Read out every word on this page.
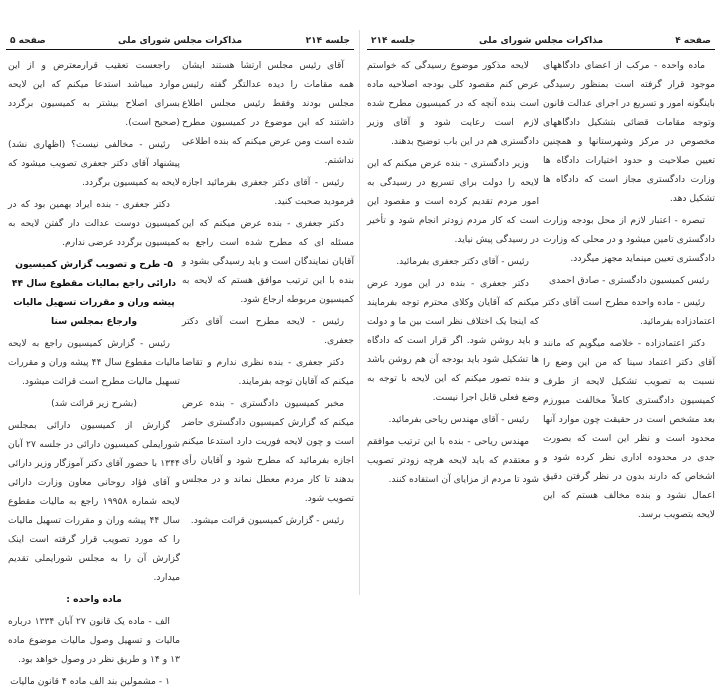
جلسه ۲۱۴
مذاکرات مجلس شورای ملی
صفحه ۵

آقای رئیس مجلس ارتشا هستند ایشان همه مقامات را دیده عدالتگر گفته رئیس مجلس بودند وفقط رئیس مجلس اطلاع داشتند که این موضوع در کمیسیون مطرح شده است ومن عرض میکنم که بنده اطلاعی نداشتم.

رئیس - آقای دکتر جعفری بفرمائید اجازه فرمودید صحبت کنید.

دکتر جعفری - بنده عرض میکنم که این مسئله ای که مطرح شده است راجع به آقایان نمایندگان است و باید رسیدگی بشود و بنده با این ترتیب موافق هستم که لایحه به کمیسیون مربوطه ارجاع شود.

رئیس - لایحه مطرح است آقای دکتر جعفری.

دکتر جعفری - بنده نظری ندارم و تقاضا میکنم که آقایان توجه بفرمایند.

مخبر کمیسیون دادگستری - بنده عرض میکنم که گزارش کمیسیون دادگستری حاضر است و چون لایحه فوریت دارد استدعا میکنم اجازه بفرمائید که مطرح شود و آقایان رأی بدهند تا کار مردم معطل نماند و در مجلس تصویب شود.

رئیس - گزارش کمیسیون قرائت میشود.

راجعست تعقیب قرارمعترض و از این موارد میباشد استدعا میکنم که این لایحه بسرای اصلاح بیشتر به کمیسیون برگردد (صحیح است).

رئیس - مخالفی نیست؟ (اظهاری نشد) پیشنهاد آقای دکتر جعفری تصویب میشود که لایحه به کمیسیون برگردد.

دکتر جعفری - بنده ایراد بهمین بود که در کمیسیون دوست عدالت دار گفتن لایحه به کمیسیون برگردد عرضی ندارم.

۵- طرح و تصویب گزارش کمیسیون دارائی راجع بمالیات مقطوع سال ۴۴ پیشه وران و مقررات تسهیل مالیات وارجاع بمجلس سنا

رئیس - گزارش کمیسیون راجع به لایحه مالیات مقطوع سال ۴۴ پیشه وران و مقررات تسهیل مالیات مطرح است قرائت میشود.

(بشرح زیر قرائت شد)

گزارش از کمیسیون دارائی بمجلس شورایملی کمیسیون دارائی در جلسه ۲۷ آبان ۱۳۴۴ با حضور آقای دکتر آموزگار وزیر دارائی و آقای فؤاد روحانی معاون وزارت دارائی لایحه شماره ۱۹۹۵۸ راجع به مالیات مقطوع سال ۴۴ پیشه وران و مقررات تسهیل مالیات را که مورد تصویب قرار گرفته است اینک گزارش آن را به مجلس شورایملی تقدیم میدارد.

ماده واحده :

الف - ماده یک قانون ۲۷ آبان ۱۳۳۴ درباره مالیات و تسهیل وصول مالیات موضوع ماده ۱۳ و ۱۴ و طریق نظر در وصول خواهد بود.

۱ - مشمولین بند الف ماده ۴ قانون مالیات

صفحه ۴
مذاکرات مجلس شورای ملی
جلسه ۲۱۴

ماده واحده - مرکب از اعضای دادگاههای موجود قرار گرفته است بمنظور رسیدگی باینگونه امور و تسریع در اجرای عدالت قانون وتوجه مقامات قضائی بتشکیل دادگاههای مخصوص در مرکز وشهرستانها و همچنین تعیین صلاحیت و حدود اختیارات دادگاه ها وزارت دادگستری مجاز است که دادگاه ها تشکیل دهد.

تبصره - اعتبار لازم از محل بودجه وزارت دادگستری تامین میشود و در محلی که وزارت دادگستری تعیین مینماید مجهز میگردد.

رئیس کمیسیون دادگستری - صادق احمدی

رئیس - ماده واحده مطرح است آقای دکتر اعتمادزاده بفرمائید.

دکتر اعتمادزاده - خلاصه میگویم که مانند آقای دکتر اعتماد سینا که من این وضع را نسبت به تصویب تشکیل لایحه از طرف کمیسیون دادگستری کاملاً مخالفت میورزم بعد مشخص است در حقیقت چون موارد آنها محدود است و نظر این است که بصورت جدی در محدوده اداری نظر کرده شود و اشخاص که دارند بدون در نظر گرفتن دقیق اعمال نشود و بنده مخالف هستم که این لایحه بتصویب برسد.

لایحه مذکور موضوع رسیدگی که خواستم عرض کنم مقصود کلی بودجه اصلاحیه ماده است بنده آنچه که در کمیسیون مطرح شده لازم است رعایت شود و آقای وزیر دادگستری هم در این باب توضیح بدهند.

وزیر دادگستری - بنده عرض میکنم که این لایحه را دولت برای تسریع در رسیدگی به امور مردم تقدیم کرده است و مقصود این است که کار مردم زودتر انجام شود و تأخیر در رسیدگی پیش نیاید.

رئیس - آقای دکتر جعفری بفرمائید.

دکتر جعفری - بنده در این مورد عرض میکنم که آقایان وکلای محترم توجه بفرمایند که اینجا یک اختلاف نظر است بین ما و دولت و باید روشن شود. اگر قرار است که دادگاه ها تشکیل شود باید بودجه آن هم روشن باشد و بنده تصور میکنم که این لایحه با توجه به وضع فعلی قابل اجرا نیست.

رئیس - آقای مهندس ریاحی بفرمائید.

مهندس ریاحی - بنده با این ترتیب موافقم و معتقدم که باید لایحه هرچه زودتر تصویب شود تا مردم از مزایای آن استفاده کنند.
